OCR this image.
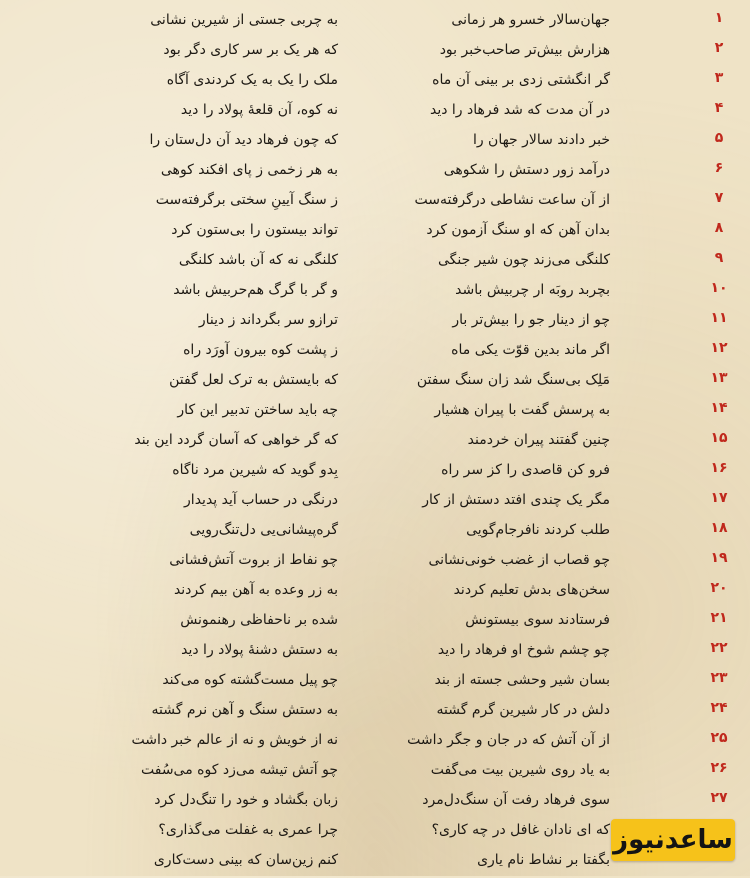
۱
جهان‌سالار خسرو هر زمانی
به چربی جستی از شیرین نشانی
۲
هزارش بیش‌تر صاحب‌خبر بود
که هر یک بر سر کاری دگر بود
۳
گر انگشتی زدی بر بینی آن ماه
ملک را یک به یک کردندی آگاه
۴
در آن مدت که شد فرهاد را دید
نه کوه، آن قلعهٔ پولاد را دید
۵
خبر دادند سالار جهان را
که چون فرهاد دید آن دل‌ستان را
۶
درآمد زور دستش را شکوهی
به هر زخمی ز پای افکند کوهی
۷
از آن ساعت نشاطی درگرفته‌ست
ز سنگ آیینِ سختی برگرفته‌ست
۸
بدان آهن که او سنگ آزمون کرد
تواند بیستون را بی‌ستون کرد
۹
کلنگی می‌زند چون شیر جنگی
کلنگی نه که آن باشد کلنگی
۱۰
بچربد روبَه ار چربیش باشد
و گر با گرگ هم‌حربیش باشد
۱۱
چو از دینار جو را بیش‌تر بار
ترازو سر بگرداند ز دینار
۱۲
اگر ماند بدین قوّت یکی ماه
ز پشت کوه بیرون آورَد راه
۱۳
مَلِک بی‌سنگ شد زان سنگ سفتن
که بایستش به ترک لعل گفتن
۱۴
به پرسش گفت با پیران هشیار
چه باید ساختن تدبیر این کار
۱۵
چنین گفتند پیران خردمند
که گر خواهی که آسان گردد این بند
۱۶
فرو کن قاصدی را کز سر راه
بِدو گوید که شیرین مرد ناگاه
۱۷
مگر یک چندی افتد دستش از کار
درنگی در حساب آید پدیدار
۱۸
طلب کردند نافرجام‌گویی
گره‌پیشانی‌یی دل‌تنگ‌رویی
۱۹
چو قصاب از غضب خونی‌نشانی
چو نفاط از بروت آتش‌فشانی
۲۰
سخن‌های بدش تعلیم کردند
به زر وعده به آهن بیم کردند
۲۱
فرستادند سوی بیستونش
شده بر ناحفاظی رهنمونش
۲۲
چو چشم شوخ او فرهاد را دید
به دستش دشنهٔ پولاد را دید
۲۳
بسان شیر وحشی جسته از بند
چو پیل مست‌گشته کوه می‌کند
۲۴
دلش در کار شیرین گرم گشته
به دستش سنگ و آهن نرم گشته
۲۵
از آن آتش که در جان و جگر داشت
نه از خویش و نه از عالم خبر داشت
۲۶
به یاد روی شیرین بیت می‌گفت
چو آتش تیشه می‌زد کوه می‌سُفت
۲۷
سوی فرهاد رفت آن سنگ‌دل‌مرد
زبان بگشاد و خود را تنگ‌دل کرد
که ای نادان غافل در چه کاری؟
چرا عمری به غفلت می‌گذاری؟
بگفتا بر نشاط نام یاری
کنم زین‌سان که بینی دست‌کاری
ساعدنیوز
